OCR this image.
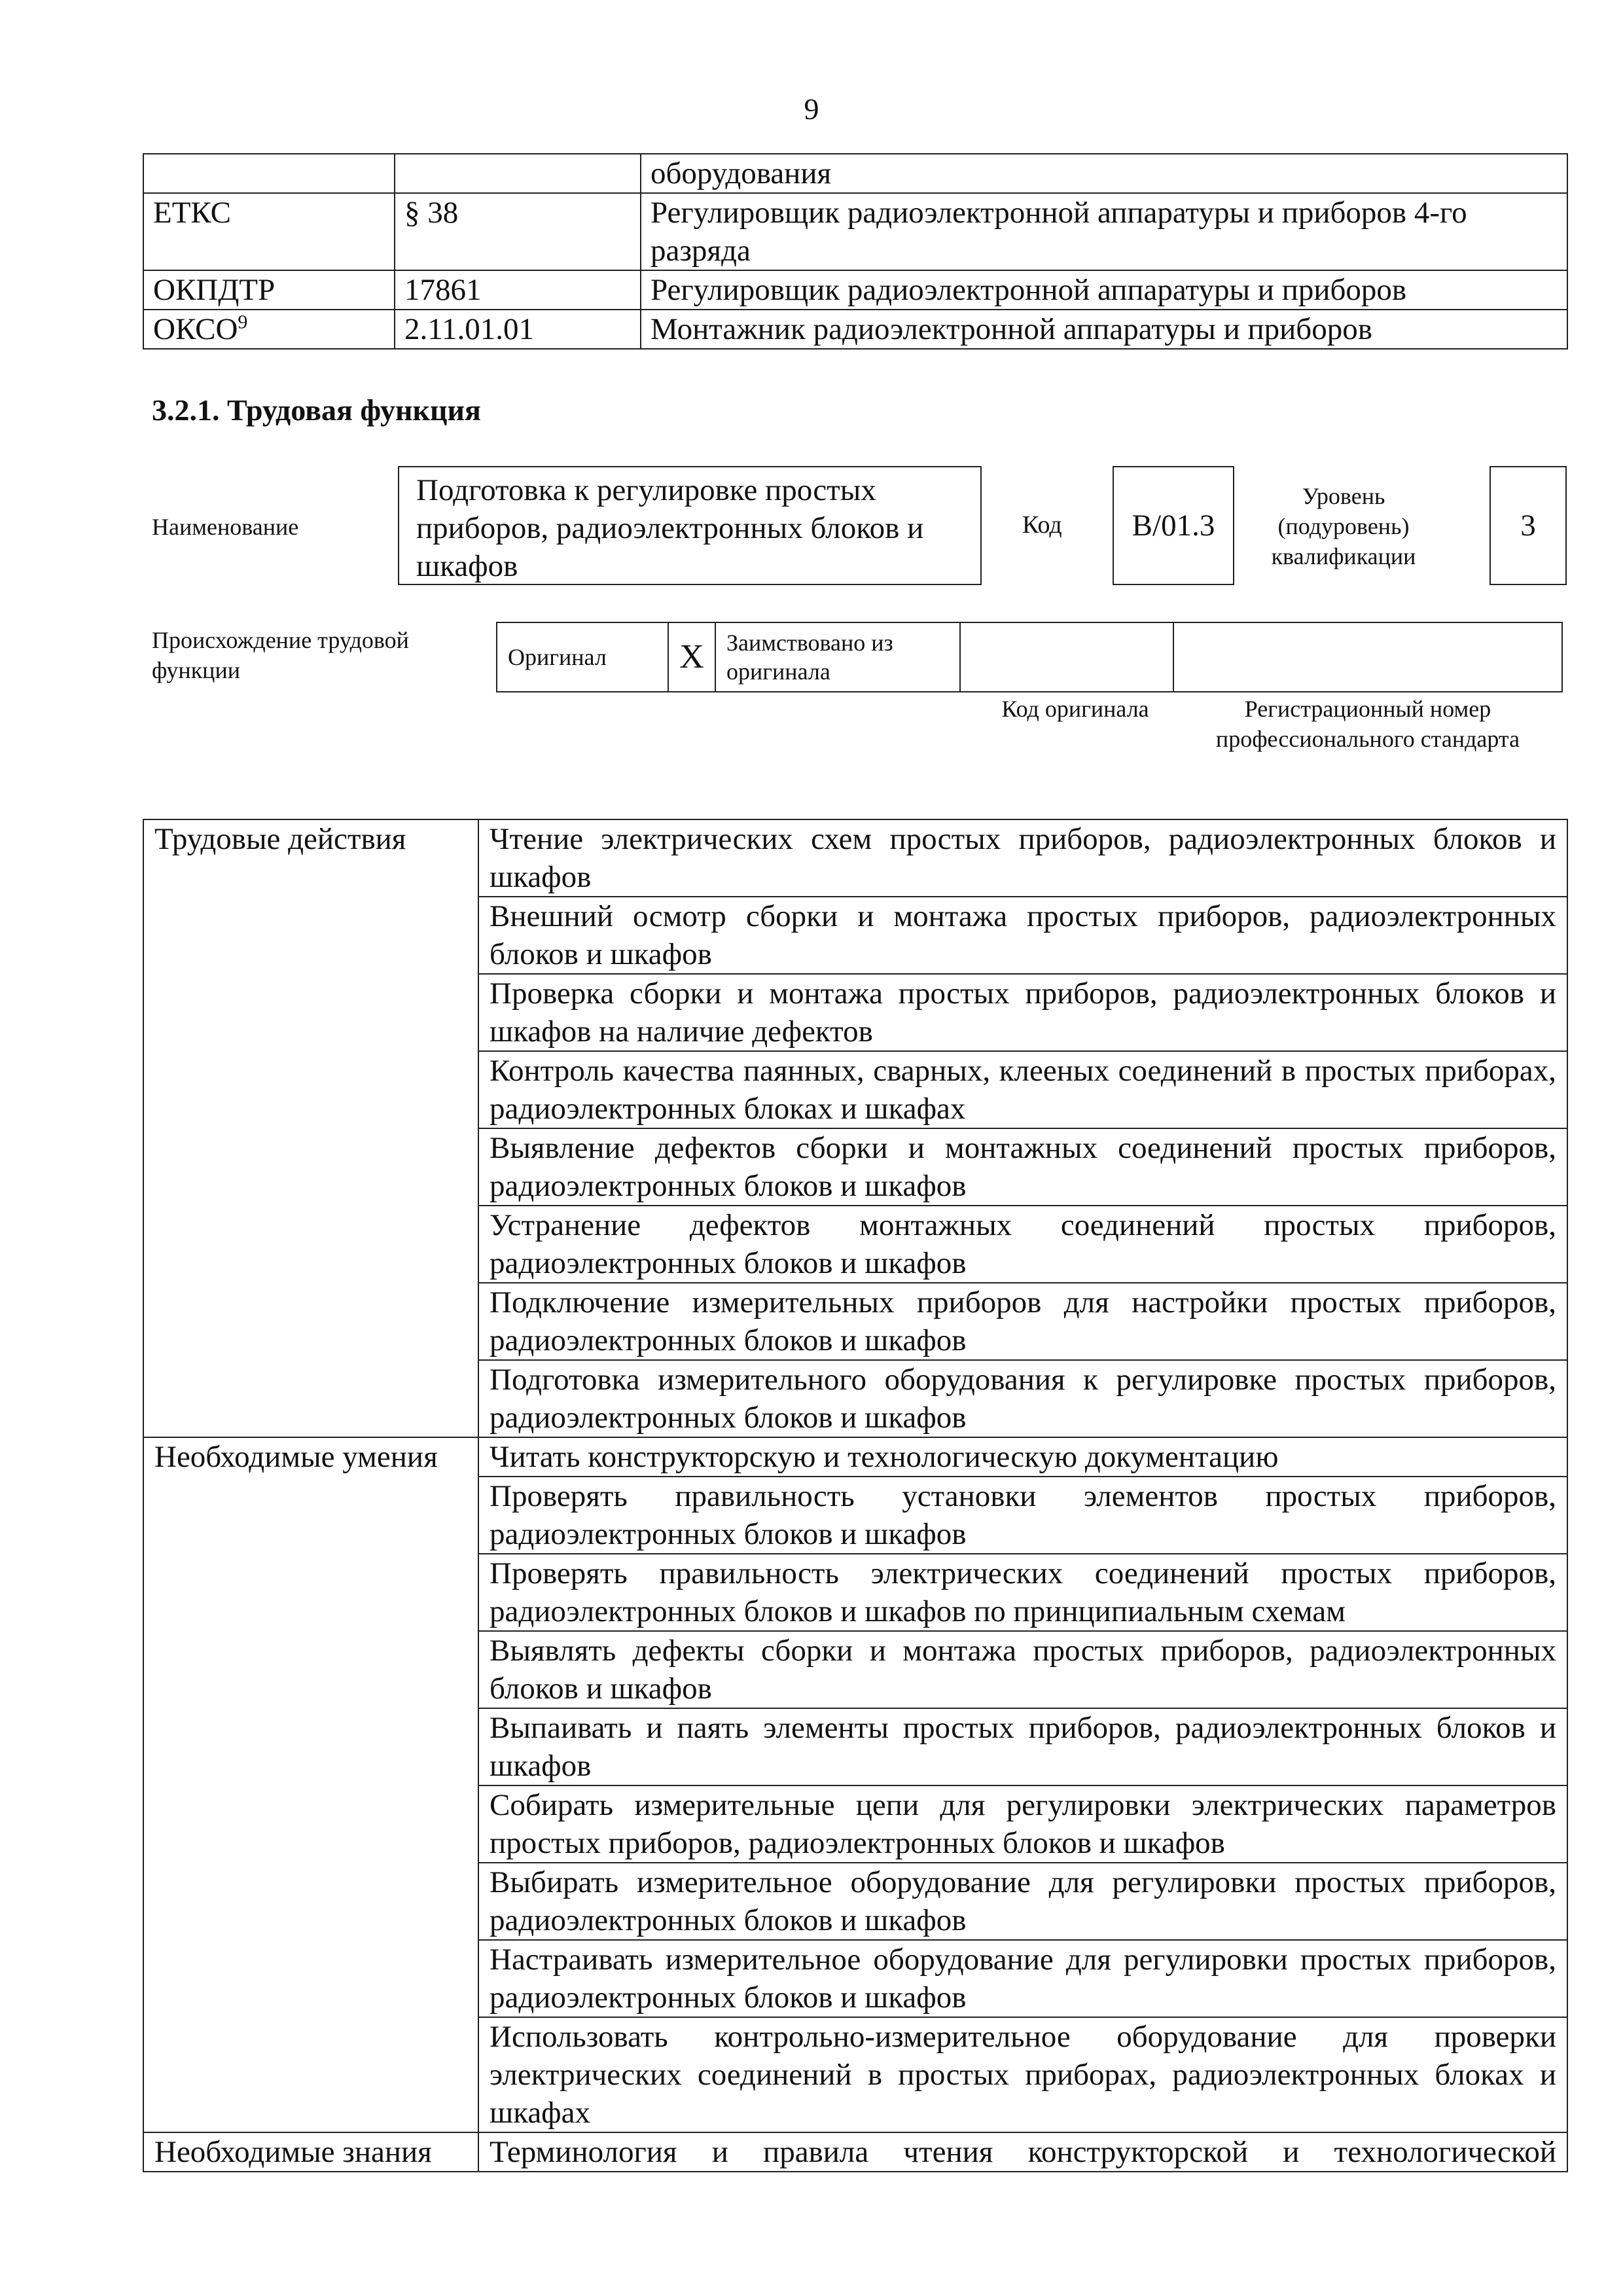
9
		оборудования
ЕТКС	§ 38	Регулировщик радиоэлектронной аппаратуры и приборов 4-го разряда
ОКПДТР	17861	Регулировщик радиоэлектронной аппаратуры и приборов
ОКСО$^9$	2.11.01.01	Монтажник радиоэлектронной аппаратуры и приборов
3.2.1. Трудовая функция
Наименование
Подготовка к регулировке простых приборов, радиоэлектронных блоков и шкафов
Код В/01.3
Уровень
(подуровень)
квалификации
3
Происхождение трудовой функции	Оригинал	X	Заимствовано из оригинала		
Код оригинала	Регистрационный номер
профессионального стандарта
Трудовые действия	Чтение электрических схем простых приборов, радиоэлектронных блоков и шкафов
	Внешний осмотр сборки и монтажа простых приборов, радиоэлектронных блоков и шкафов
	Проверка сборки и монтажа простых приборов, радиоэлектронных блоков и шкафов на наличие дефектов
	Контроль качества паянных, сварных, клееных соединений в простых приборах, радиоэлектронных блоках и шкафах
	Выявление дефектов сборки и монтажных соединений простых приборов, радиоэлектронных блоков и шкафов
	Устранение дефектов монтажных соединений простых приборов, радиоэлектронных блоков и шкафов
	Подключение измерительных приборов для настройки простых приборов, радиоэлектронных блоков и шкафов
	Подготовка измерительного оборудования к регулировке простых приборов, радиоэлектронных блоков и шкафов
Необходимые умения	Читать конструкторскую и технологическую документацию
	Проверять правильность установки элементов простых приборов, радиоэлектронных блоков и шкафов
	Проверять правильность электрических соединений простых приборов, радиоэлектронных блоков и шкафов по принципиальным схемам
	Выявлять дефекты сборки и монтажа простых приборов, радиоэлектронных блоков и шкафов
	Выпаивать и паять элементы простых приборов, радиоэлектронных блоков и шкафов
	Собирать измерительные цепи для регулировки электрических параметров простых приборов, радиоэлектронных блоков и шкафов
	Выбирать измерительное оборудование для регулировки простых приборов, радиоэлектронных блоков и шкафов
	Настраивать измерительное оборудование для регулировки простых приборов, радиоэлектронных блоков и шкафов
	Использовать контрольно-измерительное оборудование для проверки электрических соединений в простых приборах, радиоэлектронных блоках и шкафах
Необходимые знания	Терминология и правила чтения конструкторской и технологической
